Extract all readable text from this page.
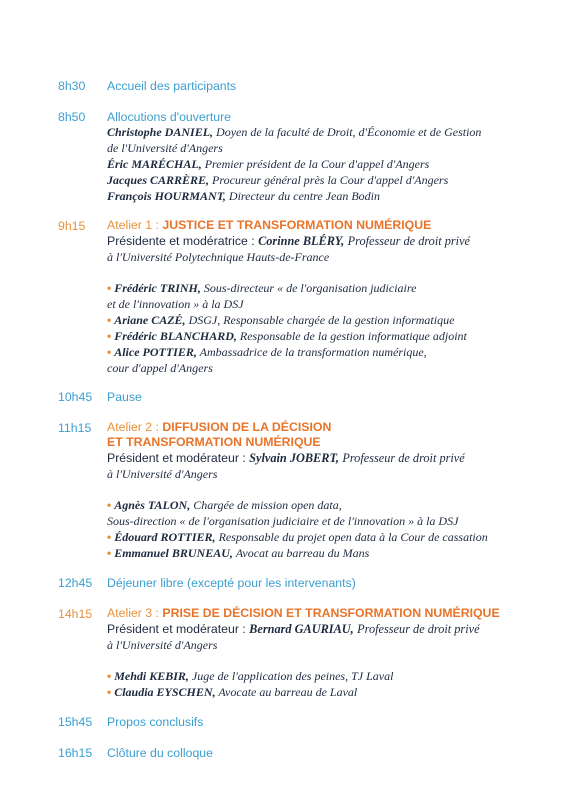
8h30	Accueil des participants
8h50	Allocutions d'ouverture
Christophe DANIEL, Doyen de la faculté de Droit, d'Économie et de Gestion
de l'Université d'Angers
Éric MARÉCHAL, Premier président de la Cour d'appel d'Angers
Jacques CARRÈRE, Procureur général près la Cour d'appel d'Angers
François HOURMANT, Directeur du centre Jean Bodin
9h15	Atelier 1 : JUSTICE ET TRANSFORMATION NUMÉRIQUE
Présidente et modératrice : Corinne BLÉRY, Professeur de droit privé
à l'Université Polytechnique Hauts-de-France
• Frédéric TRINH, Sous-directeur « de l'organisation judiciaire
et de l'innovation » à la DSJ
• Ariane CAZÉ, DSGJ, Responsable chargée de la gestion informatique
• Frédéric BLANCHARD, Responsable de la gestion informatique adjoint
• Alice POTTIER, Ambassadrice de la transformation numérique,
cour d'appel d'Angers
10h45	Pause
11h15	Atelier 2 : DIFFUSION DE LA DÉCISION
ET TRANSFORMATION NUMÉRIQUE
Président et modérateur : Sylvain JOBERT, Professeur de droit privé
à l'Université d'Angers
• Agnès TALON, Chargée de mission open data,
Sous-direction « de l'organisation judiciaire et de l'innovation » à la DSJ
• Édouard ROTTIER, Responsable du projet open data à la Cour de cassation
• Emmanuel BRUNEAU, Avocat au barreau du Mans
12h45	Déjeuner libre (excepté pour les intervenants)
14h15	Atelier 3 : PRISE DE DÉCISION ET TRANSFORMATION NUMÉRIQUE
Président et modérateur : Bernard GAURIAU, Professeur de droit privé
à l'Université d'Angers
• Mehdi KEBIR, Juge de l'application des peines, TJ Laval
• Claudia EYSCHEN, Avocate au barreau de Laval
15h45	Propos conclusifs
16h15	Clôture du colloque
